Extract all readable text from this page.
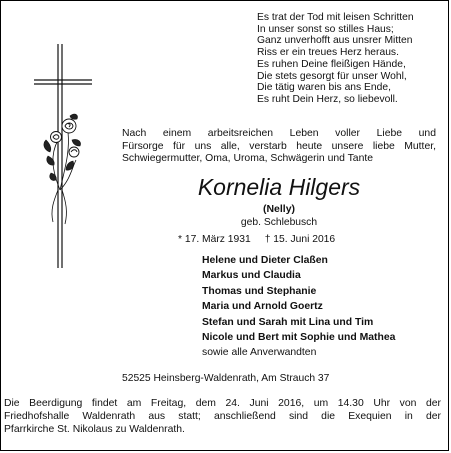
Es trat der Tod mit leisen Schritten
In unser sonst so stilles Haus;
Ganz unverhofft aus unsrer Mitten
Riss er ein treues Herz heraus.
Es ruhen Deine fleißigen Hände,
Die stets gesorgt für unser Wohl,
Die tätig waren bis ans Ende,
Es ruht Dein Herz, so liebevoll.
Nach einem arbeitsreichen Leben voller Liebe und
Fürsorge für uns alle, verstarb heute unsere liebe Mutter,
Schwiegermutter, Oma, Uroma, Schwägerin und Tante
Kornelia Hilgers
(Nelly)
geb. Schlebusch
* 17. März 1931 † 15. Juni 2016
Helene und Dieter Claßen
Markus und Claudia
Thomas und Stephanie
Maria und Arnold Goertz
Stefan und Sarah mit Lina und Tim
Nicole und Bert mit Sophie und Mathea
sowie alle Anverwandten
52525 Heinsberg-Waldenrath, Am Strauch 37
Die Beerdigung findet am Freitag, dem 24. Juni 2016, um 14.30 Uhr von der
Friedhofshalle Waldenrath aus statt; anschließend sind die Exequien in der
Pfarrkirche St. Nikolaus zu Waldenrath.
